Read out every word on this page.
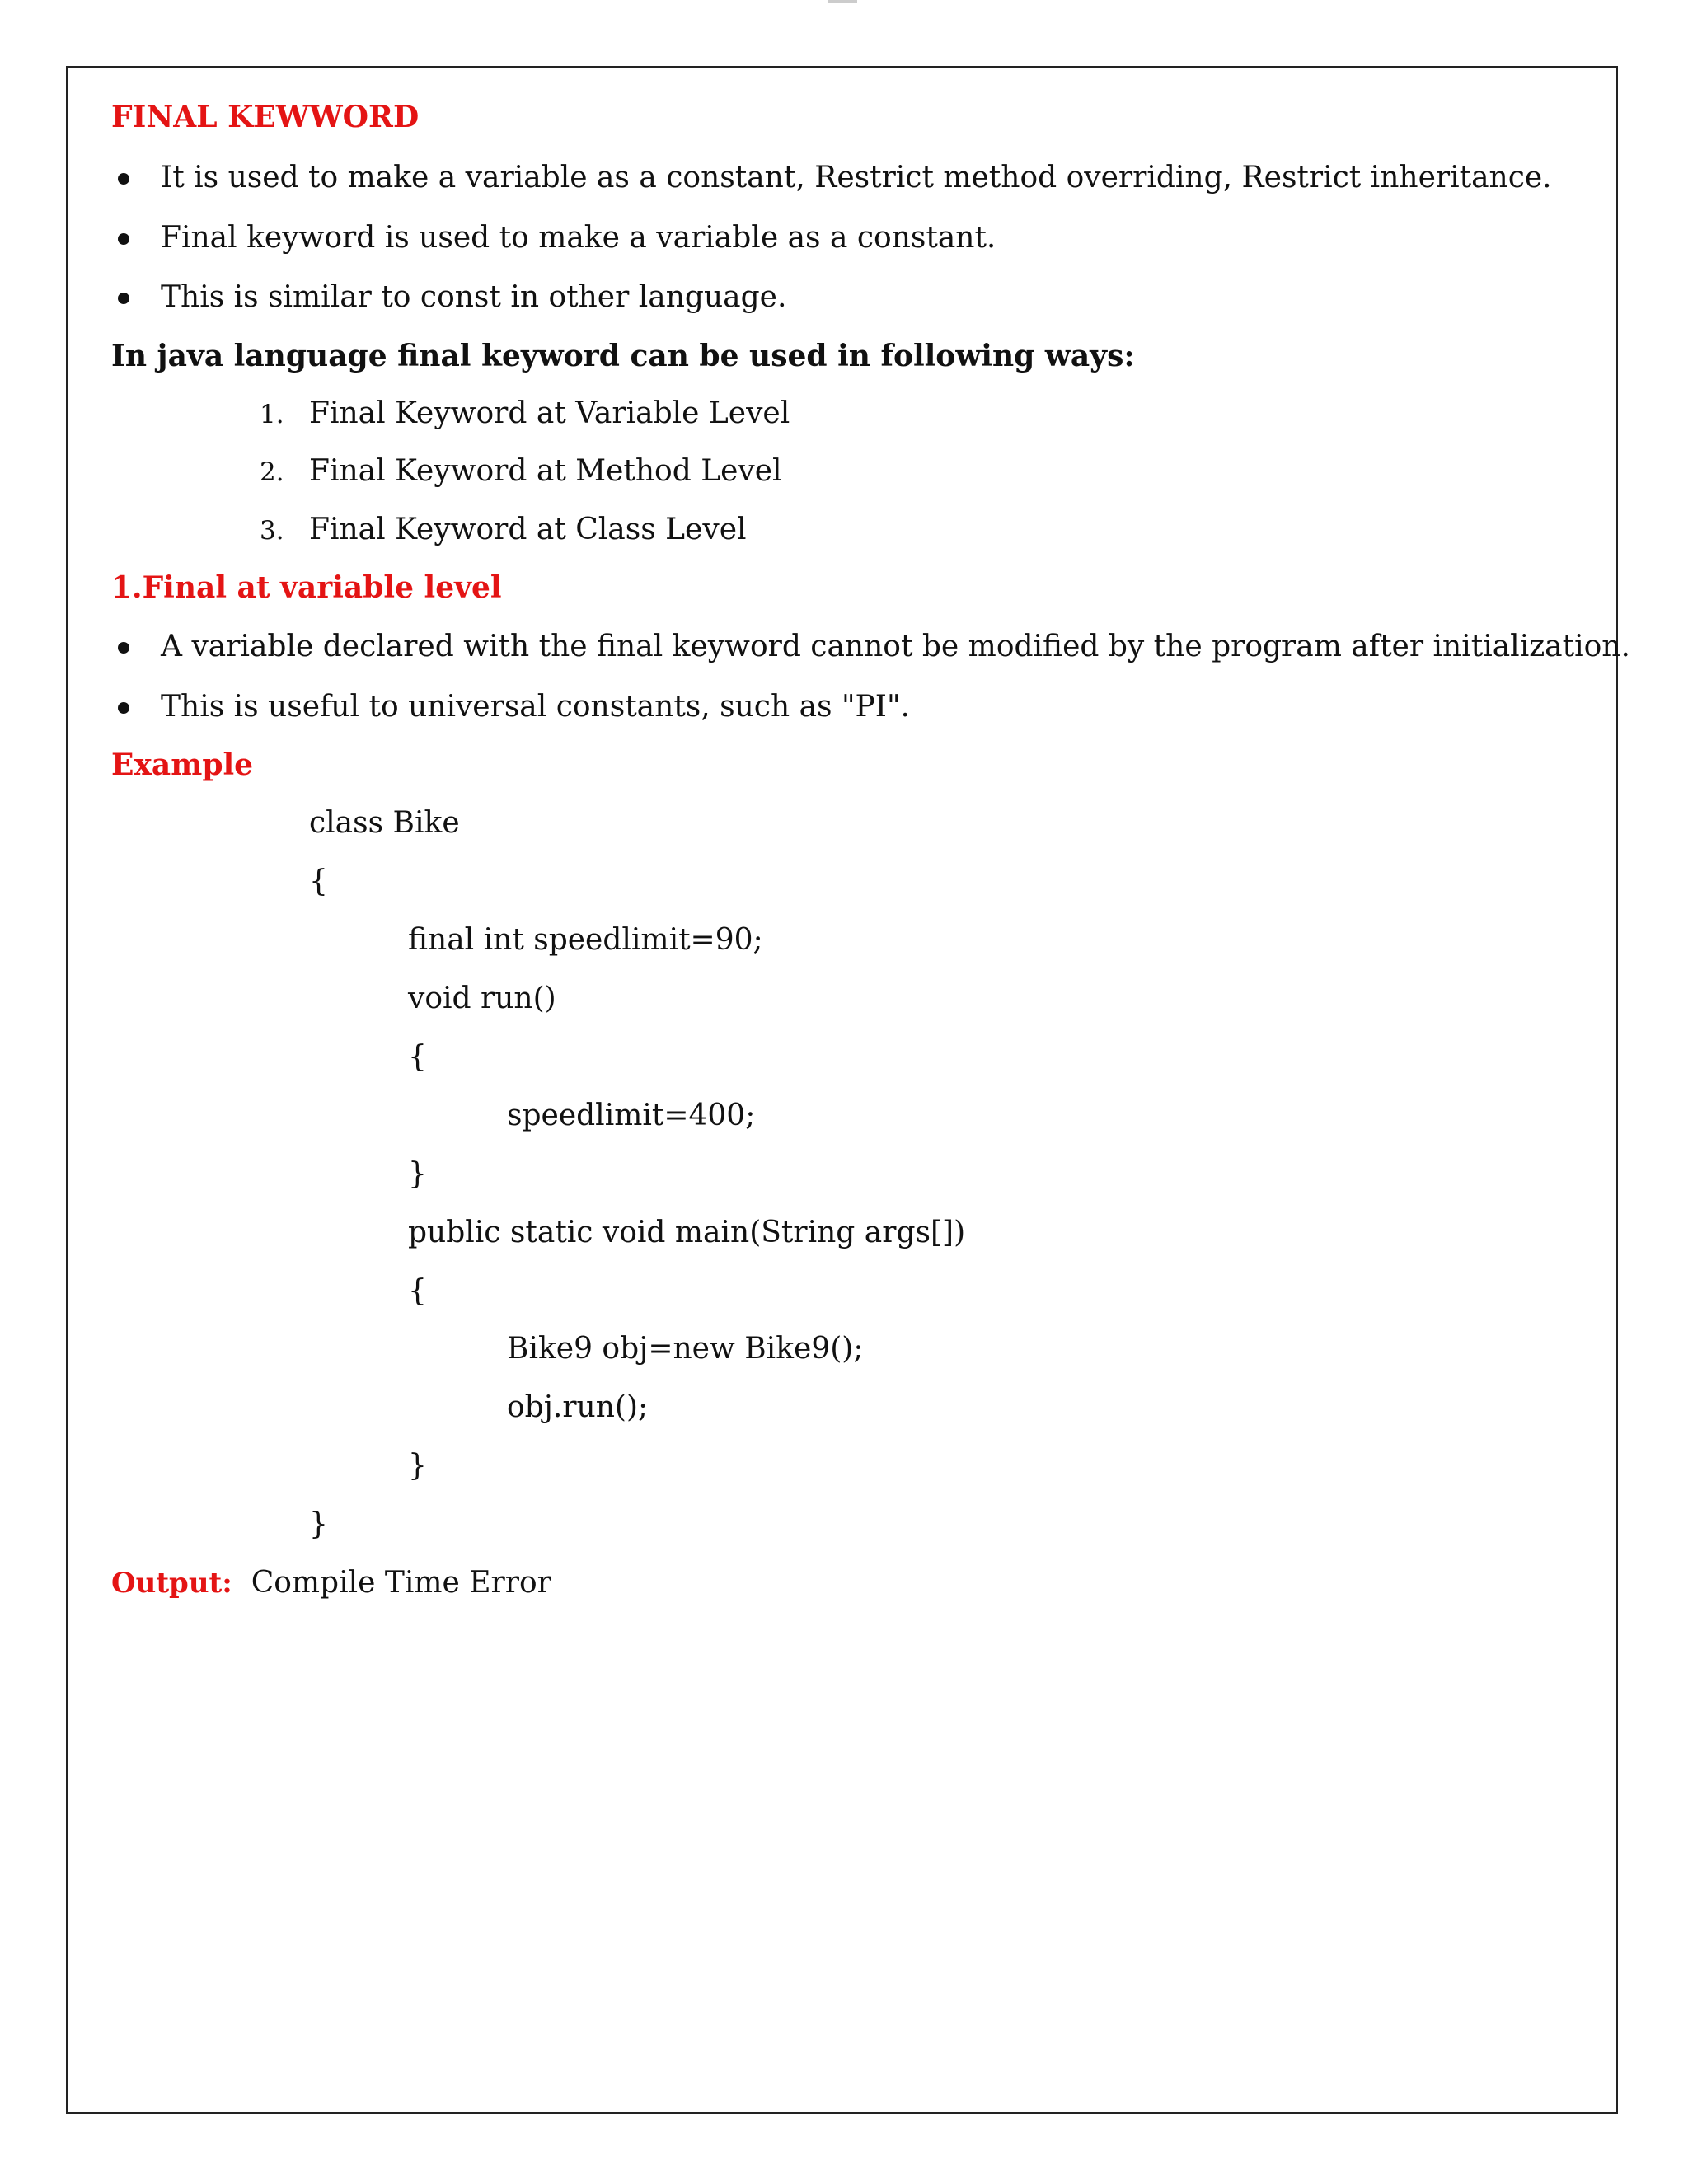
FINAL KEWWORD
It is used to make a variable as a constant, Restrict method overriding, Restrict inheritance.
Final keyword is used to make a variable as a constant.
This is similar to const in other language.
In java language final keyword can be used in following ways:
1. Final Keyword at Variable Level
2. Final Keyword at Method Level
3. Final Keyword at Class Level
1.Final at variable level
A variable declared with the final keyword cannot be modified by the program after initialization.
This is useful to universal constants, such as "PI".
Example
class Bike
{
final int speedlimit=90;
void run()
{
speedlimit=400;
}
public static void main(String args[])
{
Bike9 obj=new Bike9();
obj.run();
}
}
Output: Compile Time Error
